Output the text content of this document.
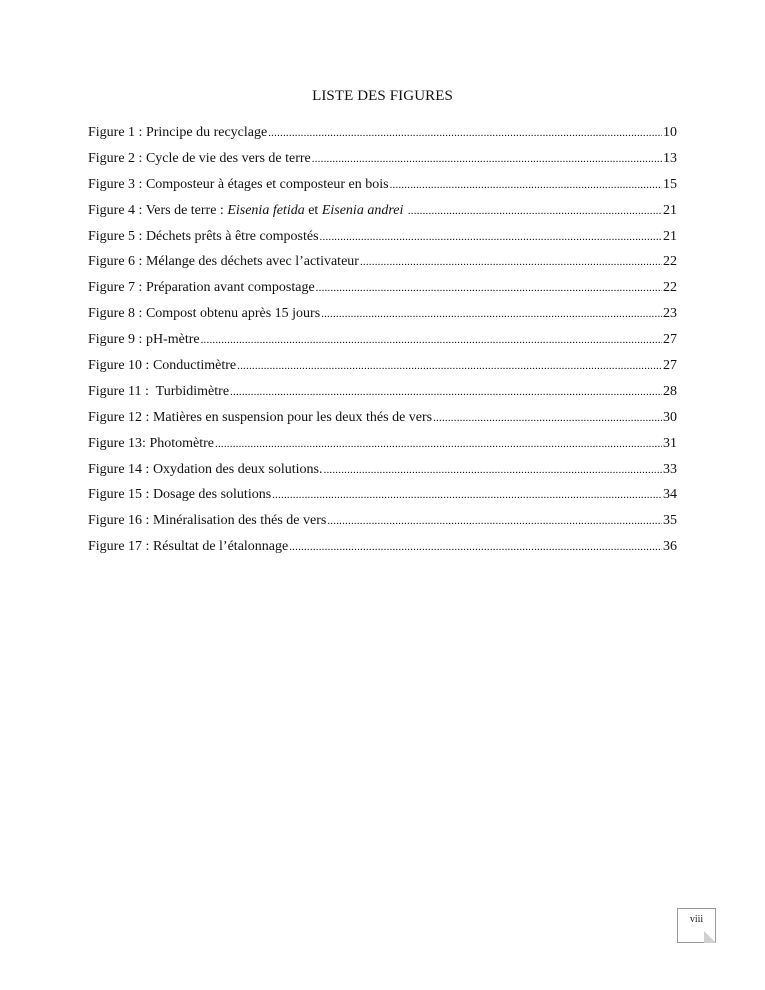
LISTE DES FIGURES
Figure 1 : Principe du recyclage .....	10
Figure 2 : Cycle de vie des vers de terre .....	13
Figure 3 : Composteur à étages et composteur en bois .....	15
Figure 4 : Vers de terre : Eisenia fetida et Eisenia andrei .....	21
Figure 5 : Déchets prêts à être compostés .....	21
Figure 6 : Mélange des déchets avec l’activateur .....	22
Figure 7 : Préparation avant compostage .....	22
Figure 8 : Compost obtenu après 15 jours .....	23
Figure 9 : pH-mètre .....	27
Figure 10 : Conductimètre .....	27
Figure 11 :  Turbidimètre .....	28
Figure 12 : Matières en suspension pour les deux thés de vers .....	30
Figure 13: Photomètre .....	31
Figure 14 : Oxydation des deux solutions. .....	33
Figure 15 : Dosage des solutions .....	34
Figure 16 : Minéralisation des thés de vers .....	35
Figure 17 : Résultat de l’étalonnage .....	36
viii
